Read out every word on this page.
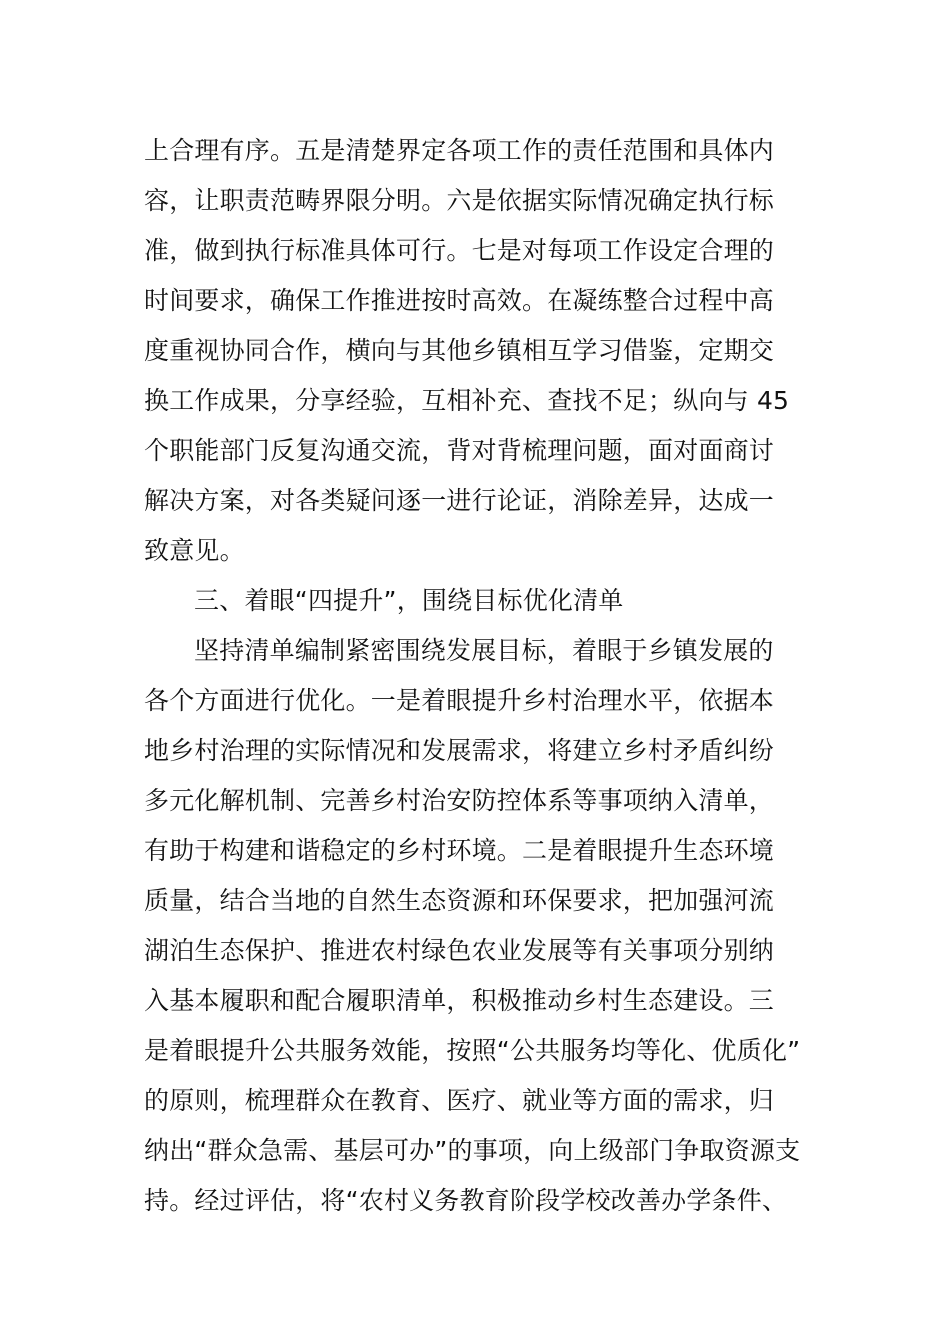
上合理有序。五是清楚界定各项工作的责任范围和具体内
容，让职责范畴界限分明。六是依据实际情况确定执行标
准，做到执行标准具体可行。七是对每项工作设定合理的
时间要求，确保工作推进按时高效。在凝练整合过程中高
度重视协同合作，横向与其他乡镇相互学习借鉴，定期交
换工作成果，分享经验，互相补充、查找不足；纵向与 45
个职能部门反复沟通交流，背对背梳理问题，面对面商讨
解决方案，对各类疑问逐一进行论证，消除差异，达成一
致意见。
三、着眼“四提升”，围绕目标优化清单
坚持清单编制紧密围绕发展目标，着眼于乡镇发展的
各个方面进行优化。一是着眼提升乡村治理水平，依据本
地乡村治理的实际情况和发展需求，将建立乡村矛盾纠纷
多元化解机制、完善乡村治安防控体系等事项纳入清单，
有助于构建和谐稳定的乡村环境。二是着眼提升生态环境
质量，结合当地的自然生态资源和环保要求，把加强河流
湖泊生态保护、推进农村绿色农业发展等有关事项分别纳
入基本履职和配合履职清单，积极推动乡村生态建设。三
是着眼提升公共服务效能，按照“公共服务均等化、优质化”
的原则，梳理群众在教育、医疗、就业等方面的需求，归
纳出“群众急需、基层可办”的事项，向上级部门争取资源支
持。经过评估，将“农村义务教育阶段学校改善办学条件、
